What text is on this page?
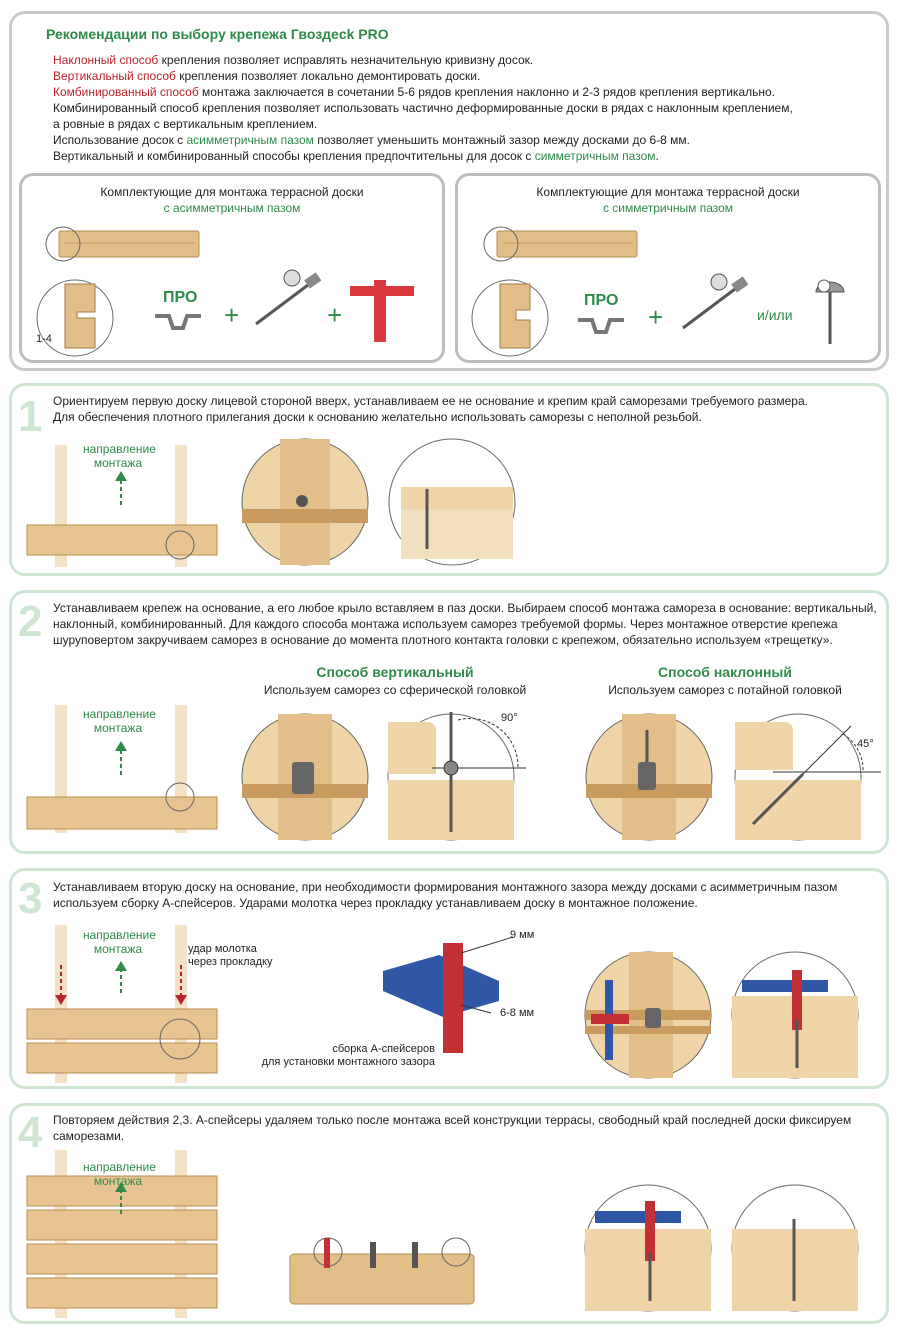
Рекомендации по выбору крепежа Гвоздeck PRO
Наклонный способ крепления позволяет исправлять незначительную кривизну досок.
Вертикальный способ крепления позволяет локально демонтировать доски.
Комбинированный способ монтажа заключается в сочетании 5-6 рядов крепления наклонно и 2-3 рядов крепления вертикально.
Комбинированный способ крепления позволяет использовать частично деформированные доски в рядах с наклонным креплением,
а ровные в рядах с вертикальным креплением.
Использование досок с асимметричным пазом позволяет уменьшить монтажный зазор между досками до 6-8 мм.
Вертикальный и комбинированный способы крепления предпочтительны для досок с симметричным пазом.
Комплектующие для монтажа террасной доски
с асимметричным пазом
Комплектующие для монтажа террасной доски
с симметричным пазом
1-4
ПРО
+	+	ПРО
+	и/или
1 Ориентируем первую доску лицевой стороной вверх, устанавливаем ее не основание и крепим край саморезами требуемого размера.
Для обеспечения плотного прилегания доски к основанию желательно использовать саморезы с неполной резьбой.
направление
монтажа
2 Устанавливаем крепеж на основание, а его любое крыло вставляем в паз доски. Выбираем способ монтажа самореза в основание: вертикальный,
наклонный, комбинированный. Для каждого способа монтажа используем саморез требуемой формы. Через монтажное отверстие крепежа
шуруповертом закручиваем саморез в основание до момента плотного контакта головки с крепежом, обязательно используем «трещетку».
направление
монтажа
Способ вертикальный
Используем саморез со сферической головкой
Способ наклонный
Используем саморез с потайной головкой
90°
45°
3 Устанавливаем вторую доску на основание, при необходимости формирования монтажного зазора между досками с асимметричным пазом
используем сборку А-спейсеров. Ударами молотка через прокладку устанавливаем доску в монтажное положение.
направление
монтажа	удар молотка
через прокладку
9 мм
6-8 мм
сборка А-спейсеров
для установки монтажного зазора
4 Повторяем действия 2,3. А-спейсеры удаляем только после монтажа всей конструкции террасы, свободный край последней доски фиксируем
саморезами.
направление
монтажа
